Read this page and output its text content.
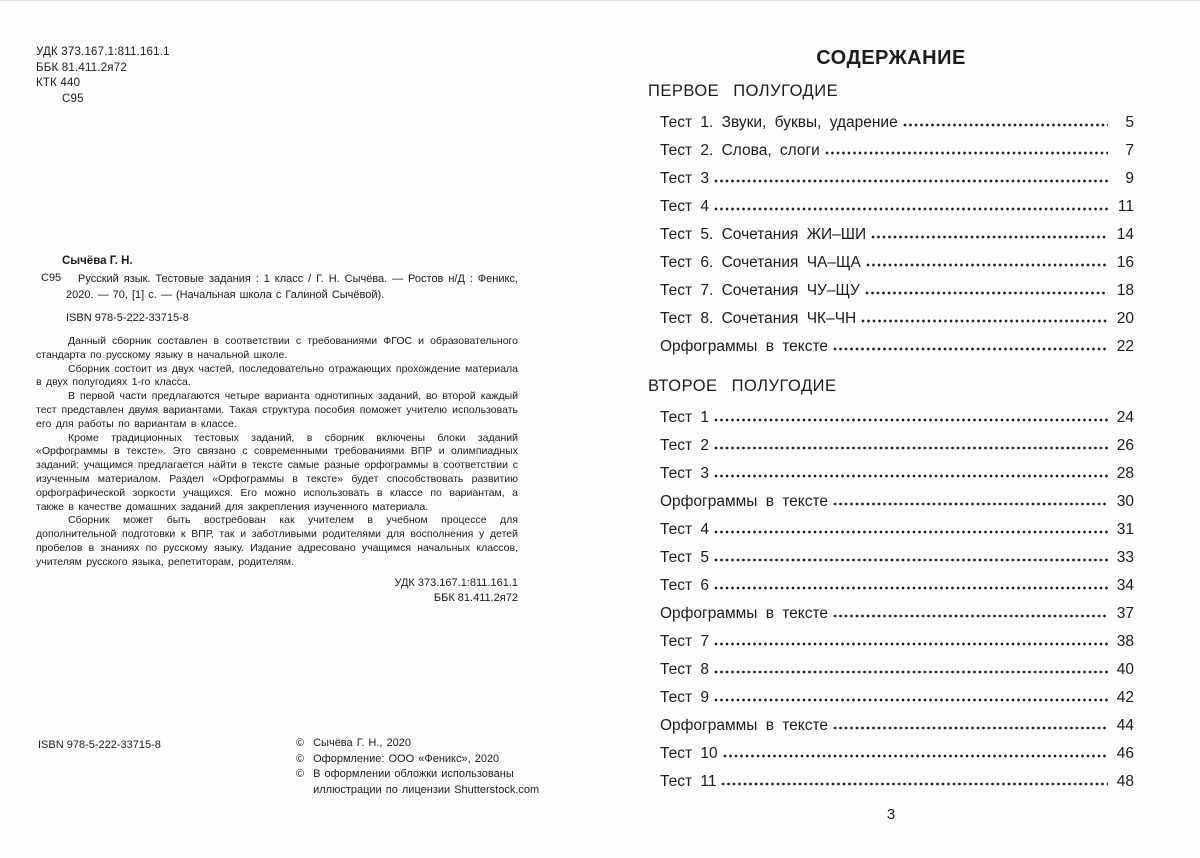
УДК 373.167.1:811.161.1
ББК 81.411.2я72
КТК 440
С95
Сычёва Г. Н.
С95	Русский язык. Тестовые задания : 1 класс / Г. Н. Сычёва. — Ростов н/Д : Феникс, 2020. — 70, [1] с. — (Начальная школа с Галиной Сычёвой).

ISBN 978-5-222-33715-8

Данный сборник составлен в соответствии с требованиями ФГОС и образовательного стандарта по русскому языку в начальной школе.

Сборник состоит из двух частей, последовательно отражающих прохождение материала в двух полугодиях 1-го класса.

В первой части предлагаются четыре варианта однотипных заданий, во второй каждый тест представлен двумя вариантами. Такая структура пособия поможет учителю использовать его для работы по вариантам в классе.

Кроме традиционных тестовых заданий, в сборник включены блоки заданий «Орфограммы в тексте». Это связано с современными требованиями ВПР и олимпиадных заданий: учащимся предлагается найти в тексте самые разные орфограммы в соответствии с изученным материалом. Раздел «Орфограммы в тексте» будет способствовать развитию орфографической зоркости учащихся. Его можно использовать в классе по вариантам, а также в качестве домашних заданий для закрепления изученного материала.

Сборник может быть востребован как учителем в учебном процессе для дополнительной подготовки к ВПР, так и заботливыми родителями для восполнения у детей пробелов в знаниях по русскому языку. Издание адресовано учащимся начальных классов, учителям русского языка, репетиторам, родителям.

УДК 373.167.1:811.161.1
ББК 81.411.2я72
ISBN 978-5-222-33715-8	© Сычёва Г. Н., 2020
© Оформление: ООО «Феникс», 2020
© В оформлении обложки использованы иллюстрации по лицензии Shutterstock.com
СОДЕРЖАНИЕ
ПЕРВОЕ ПОЛУГОДИЕ
Тест 1. Звуки, буквы, ударение	5
Тест 2. Слова, слоги	7
Тест 3	9
Тест 4	11
Тест 5. Сочетания ЖИ–ШИ	14
Тест 6. Сочетания ЧА–ЩА	16
Тест 7. Сочетания ЧУ–ЩУ	18
Тест 8. Сочетания ЧК–ЧН	20
Орфограммы в тексте	22
ВТОРОЕ ПОЛУГОДИЕ
Тест 1	24
Тест 2	26
Тест 3	28
Орфограммы в тексте	30
Тест 4	31
Тест 5	33
Тест 6	34
Орфограммы в тексте	37
Тест 7	38
Тест 8	40
Тест 9	42
Орфограммы в тексте	44
Тест 10	46
Тест 11	48
3
